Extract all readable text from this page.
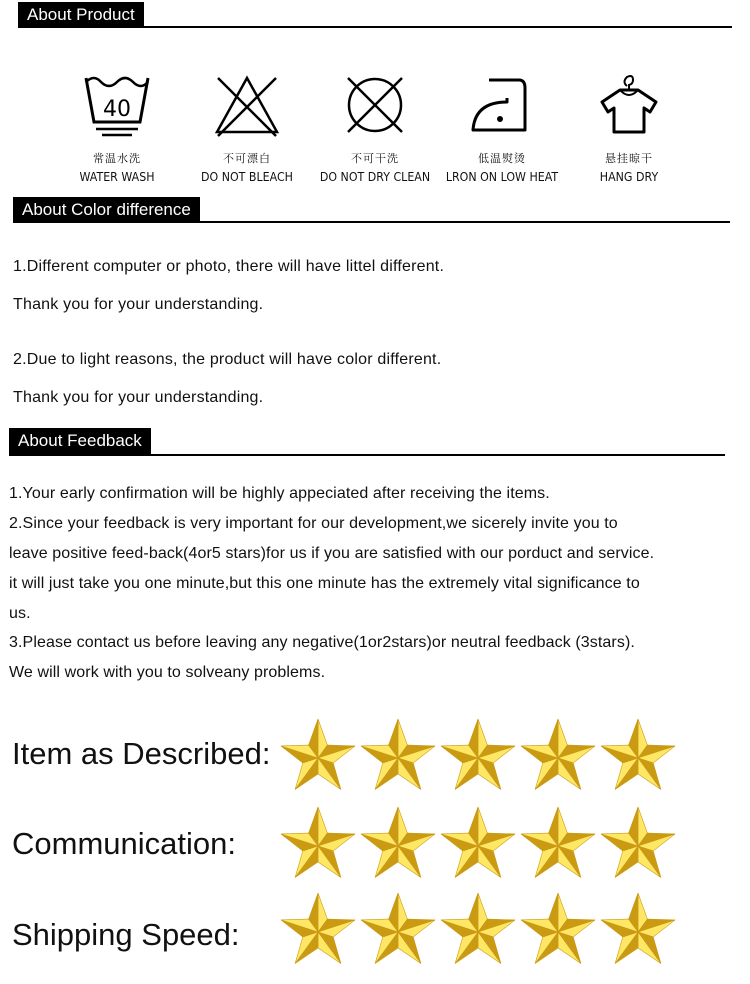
About Product
40
常温水洗
WATER WASH
不可漂白
DO NOT BLEACH
不可干洗
DO NOT DRY CLEAN
低温熨烫
LRON ON LOW HEAT
悬挂晾干
HANG DRY
About Color difference
1.Different computer or photo, there will have littel different.
Thank you for your understanding.
2.Due to light reasons, the product will have color different.
Thank you for your understanding.
About Feedback
1.Your early confirmation will be highly appeciated after receiving the items.
2.Since your feedback is very important for our development,we sicerely invite you to
leave positive feed-back(4or5 stars)for us if you are satisfied with our porduct and service.
it will just take you one minute,but this one minute has the extremely vital significance to
us.
3.Please contact us before leaving any negative(1or2stars)or neutral feedback (3stars).
We will work with you to solveany problems.
Item as Described:
Communication:
Shipping Speed:
